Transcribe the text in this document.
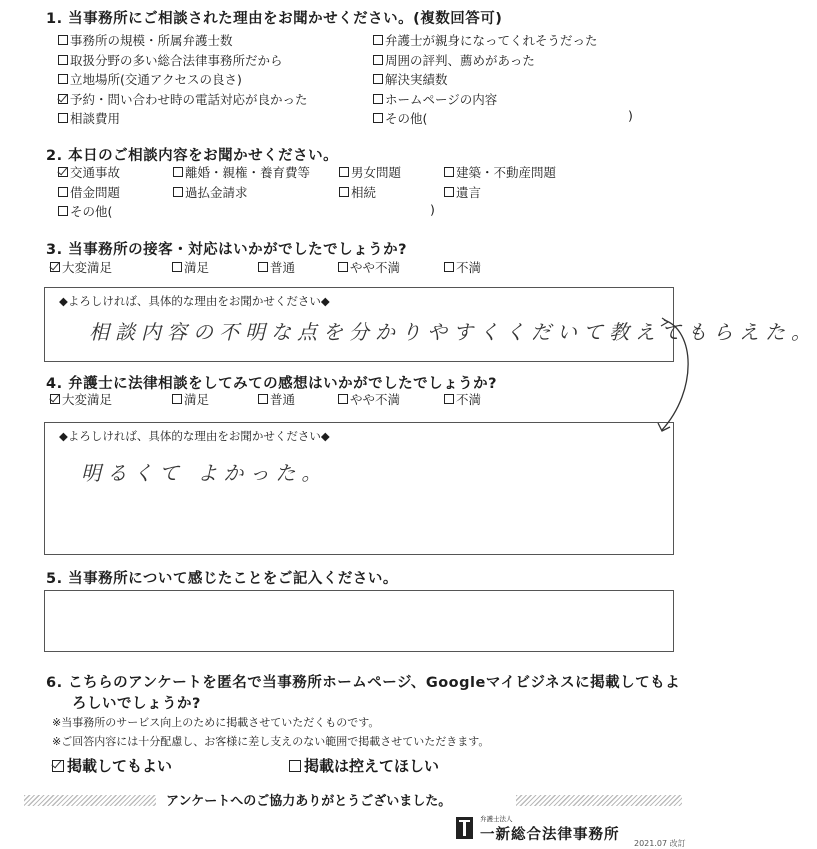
1. 当事務所にご相談された理由をお聞かせください。(複数回答可)
事務所の規模・所属弁護士数
取扱分野の多い総合法律事務所だから
立地場所(交通アクセスの良さ)
予約・問い合わせ時の電話対応が良かった
相談費用
弁護士が親身になってくれそうだった
周囲の評判、薦めがあった
解決実績数
ホームページの内容
その他(	)
2. 本日のご相談内容をお聞かせください。
交通事故	離婚・親権・養育費等	男女問題	建築・不動産問題
借金問題	過払金請求	相続	遺言
その他(	)
3. 当事務所の接客・対応はいかがでしたでしょうか?
大変満足	満足	普通	やや不満	不満
◆よろしければ、具体的な理由をお聞かせください◆
相談内容の不明な点を分かりやすくくだいて教えてもらえた。
4. 弁護士に法律相談をしてみての感想はいかがでしたでしょうか?
大変満足	満足	普通	やや不満	不満
◆よろしければ、具体的な理由をお聞かせください◆
明るくて よかった。
5. 当事務所について感じたことをご記入ください。
6. こちらのアンケートを匿名で当事務所ホームページ、Googleマイビジネスに掲載してもよ
ろしいでしょうか?
※当事務所のサービス向上のために掲載させていただくものです。
※ご回答内容には十分配慮し、お客様に差し支えのない範囲で掲載させていただきます。
掲載してもよい	掲載は控えてほしい
アンケートへのご協力ありがとうございました。
弁護士法人
一新総合法律事務所
2021.07 改訂
